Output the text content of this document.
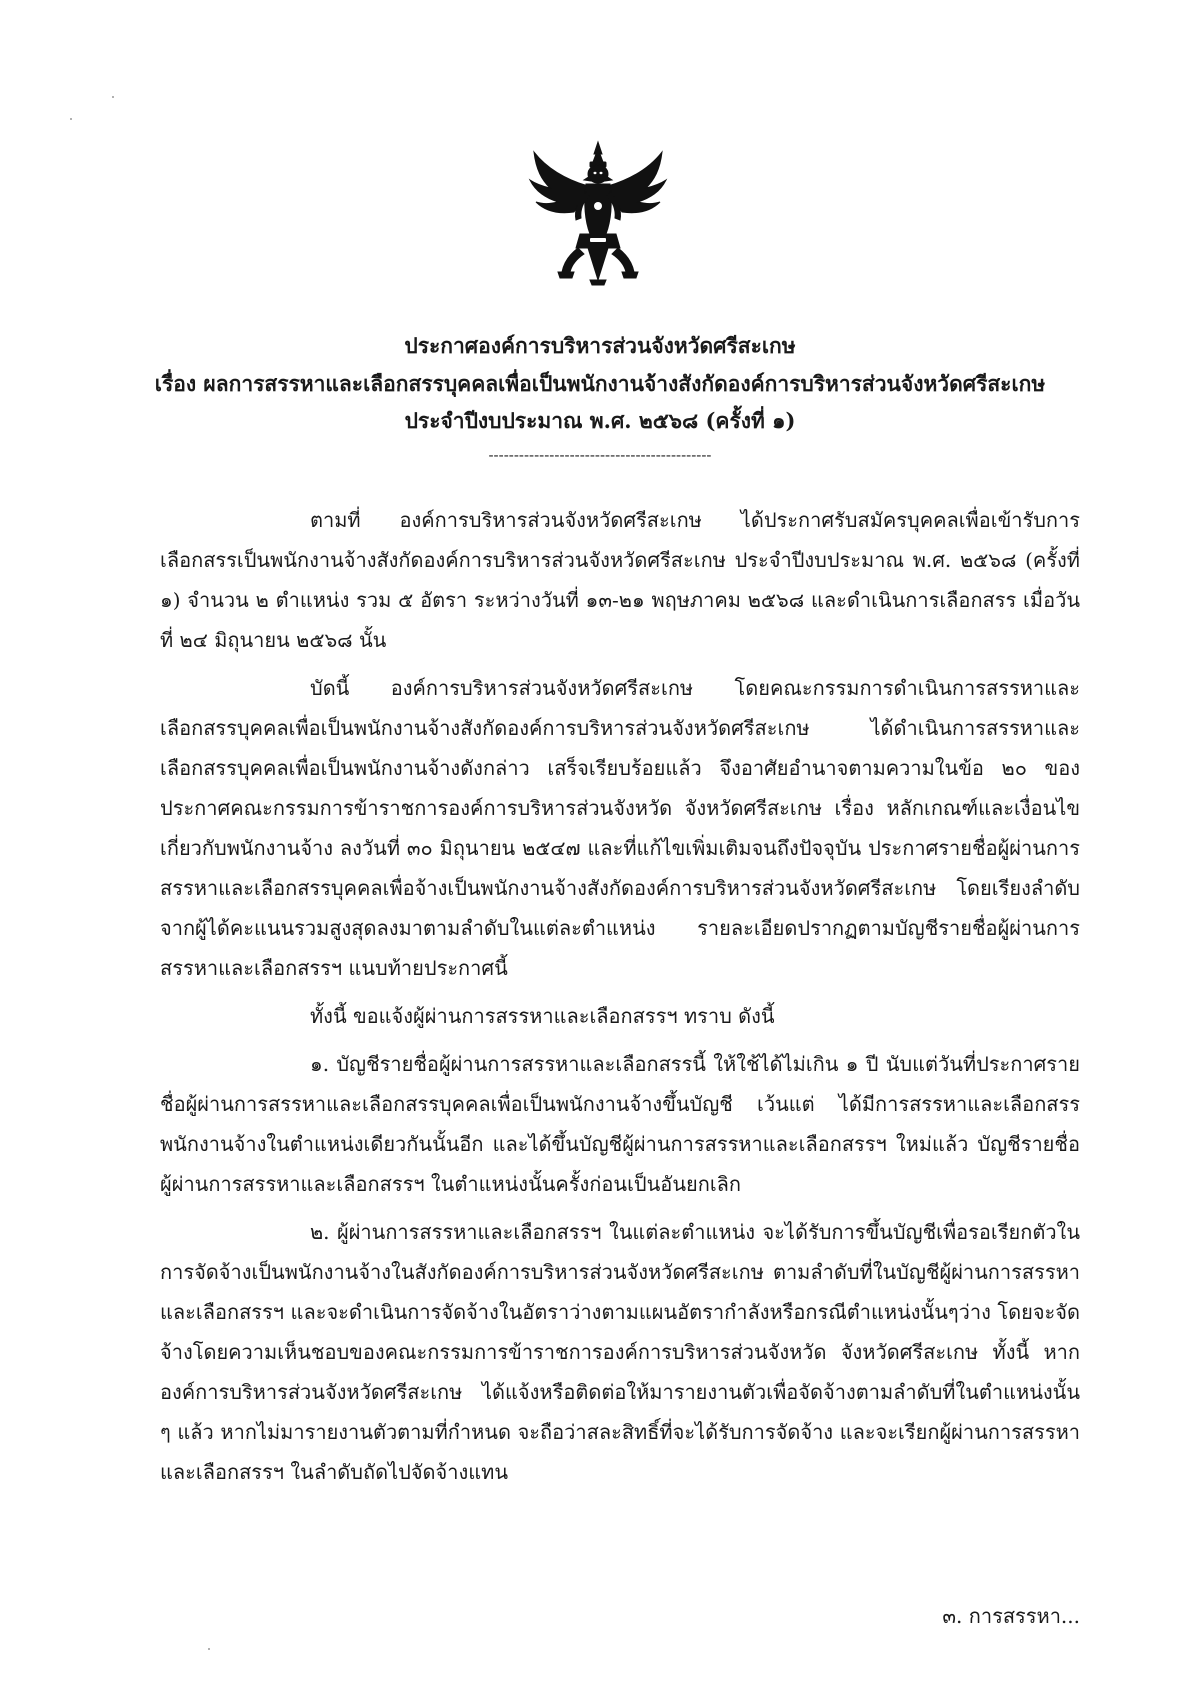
ประกาศองค์การบริหารส่วนจังหวัดศรีสะเกษ
เรื่อง ผลการสรรหาและเลือกสรรบุคคลเพื่อเป็นพนักงานจ้างสังกัดองค์การบริหารส่วนจังหวัดศรีสะเกษ
ประจำปีงบประมาณ พ.ศ. ๒๕๖๘ (ครั้งที่ ๑)
--------------------------------------------

ตามที่ องค์การบริหารส่วนจังหวัดศรีสะเกษ ได้ประกาศรับสมัครบุคคลเพื่อเข้ารับการเลือกสรรเป็นพนักงานจ้างสังกัดองค์การบริหารส่วนจังหวัดศรีสะเกษ ประจำปีงบประมาณ พ.ศ. ๒๕๖๘ (ครั้งที่ ๑) จำนวน ๒ ตำแหน่ง รวม ๕ อัตรา ระหว่างวันที่ ๑๓-๒๑ พฤษภาคม ๒๕๖๘ และดำเนินการเลือกสรร เมื่อวันที่ ๒๔ มิถุนายน ๒๕๖๘ นั้น

บัดนี้ องค์การบริหารส่วนจังหวัดศรีสะเกษ โดยคณะกรรมการดำเนินการสรรหาและเลือกสรรบุคคลเพื่อเป็นพนักงานจ้างสังกัดองค์การบริหารส่วนจังหวัดศรีสะเกษ ได้ดำเนินการสรรหาและเลือกสรรบุคคลเพื่อเป็นพนักงานจ้างดังกล่าว เสร็จเรียบร้อยแล้ว จึงอาศัยอำนาจตามความในข้อ ๒๐ ของประกาศคณะกรรมการข้าราชการองค์การบริหารส่วนจังหวัด จังหวัดศรีสะเกษ เรื่อง หลักเกณฑ์และเงื่อนไขเกี่ยวกับพนักงานจ้าง ลงวันที่ ๓๐ มิถุนายน ๒๕๔๗ และที่แก้ไขเพิ่มเติมจนถึงปัจจุบัน ประกาศรายชื่อผู้ผ่านการสรรหาและเลือกสรรบุคคลเพื่อจ้างเป็นพนักงานจ้างสังกัดองค์การบริหารส่วนจังหวัดศรีสะเกษ โดยเรียงลำดับจากผู้ได้คะแนนรวมสูงสุดลงมาตามลำดับในแต่ละตำแหน่ง รายละเอียดปรากฏตามบัญชีรายชื่อผู้ผ่านการสรรหาและเลือกสรรฯ แนบท้ายประกาศนี้

ทั้งนี้ ขอแจ้งผู้ผ่านการสรรหาและเลือกสรรฯ ทราบ ดังนี้

๑. บัญชีรายชื่อผู้ผ่านการสรรหาและเลือกสรรนี้ ให้ใช้ได้ไม่เกิน ๑ ปี นับแต่วันที่ประกาศรายชื่อผู้ผ่านการสรรหาและเลือกสรรบุคคลเพื่อเป็นพนักงานจ้างขึ้นบัญชี เว้นแต่ ได้มีการสรรหาและเลือกสรรพนักงานจ้างในตำแหน่งเดียวกันนั้นอีก และได้ขึ้นบัญชีผู้ผ่านการสรรหาและเลือกสรรฯ ใหม่แล้ว บัญชีรายชื่อผู้ผ่านการสรรหาและเลือกสรรฯ ในตำแหน่งนั้นครั้งก่อนเป็นอันยกเลิก

๒. ผู้ผ่านการสรรหาและเลือกสรรฯ ในแต่ละตำแหน่ง จะได้รับการขึ้นบัญชีเพื่อรอเรียกตัวในการจัดจ้างเป็นพนักงานจ้างในสังกัดองค์การบริหารส่วนจังหวัดศรีสะเกษ ตามลำดับที่ในบัญชีผู้ผ่านการสรรหาและเลือกสรรฯ และจะดำเนินการจัดจ้างในอัตราว่างตามแผนอัตรากำลังหรือกรณีตำแหน่งนั้นๆว่าง โดยจะจัดจ้างโดยความเห็นชอบของคณะกรรมการข้าราชการองค์การบริหารส่วนจังหวัด จังหวัดศรีสะเกษ ทั้งนี้ หากองค์การบริหารส่วนจังหวัดศรีสะเกษ ได้แจ้งหรือติดต่อให้มารายงานตัวเพื่อจัดจ้างตามลำดับที่ในตำแหน่งนั้น ๆ แล้ว หากไม่มารายงานตัวตามที่กำหนด จะถือว่าสละสิทธิ์ที่จะได้รับการจัดจ้าง และจะเรียกผู้ผ่านการสรรหาและเลือกสรรฯ ในลำดับถัดไปจัดจ้างแทน

๓. การสรรหา...
